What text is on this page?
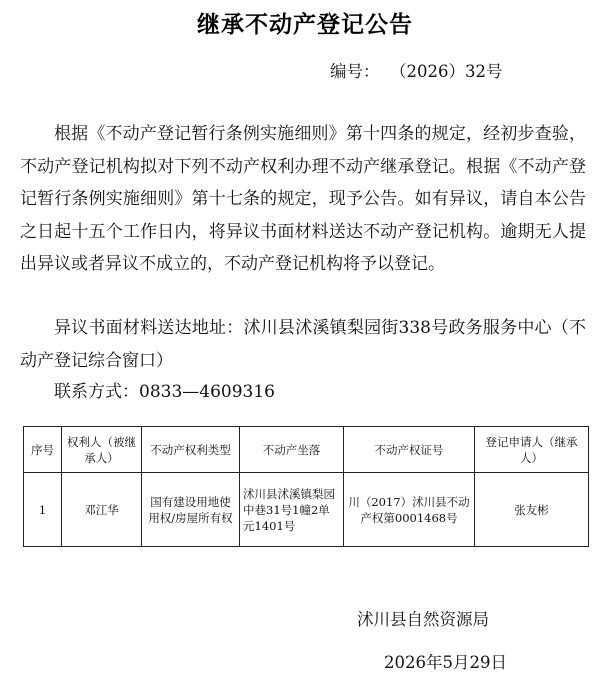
继承不动产登记公告
编号： （2026）32号

根据《不动产登记暂行条例实施细则》第十四条的规定，经初步查验，不动产登记机构拟对下列不动产权利办理不动产继承登记。根据《不动产登记暂行条例实施细则》第十七条的规定，现予公告。如有异议，请自本公告之日起十五个工作日内，将异议书面材料送达不动产登记机构。逾期无人提出异议或者异议不成立的，不动产登记机构将予以登记。

异议书面材料送达地址：沭川县沭溪镇梨园街338号政务服务中心（不动产登记综合窗口）

联系方式：0833—4609316

序号	权利人（被继承人）	不动产权利类型	不动产坐落	不动产权证号	登记申请人（继承人）
1	邓江华	国有建设用地使用权/房屋所有权	沭川县沭溪镇梨园中巷31号1幢2单元1401号	川（2017）沭川县不动产权第0001468号	张友彬
沭川县自然资源局
2026年5月29日
